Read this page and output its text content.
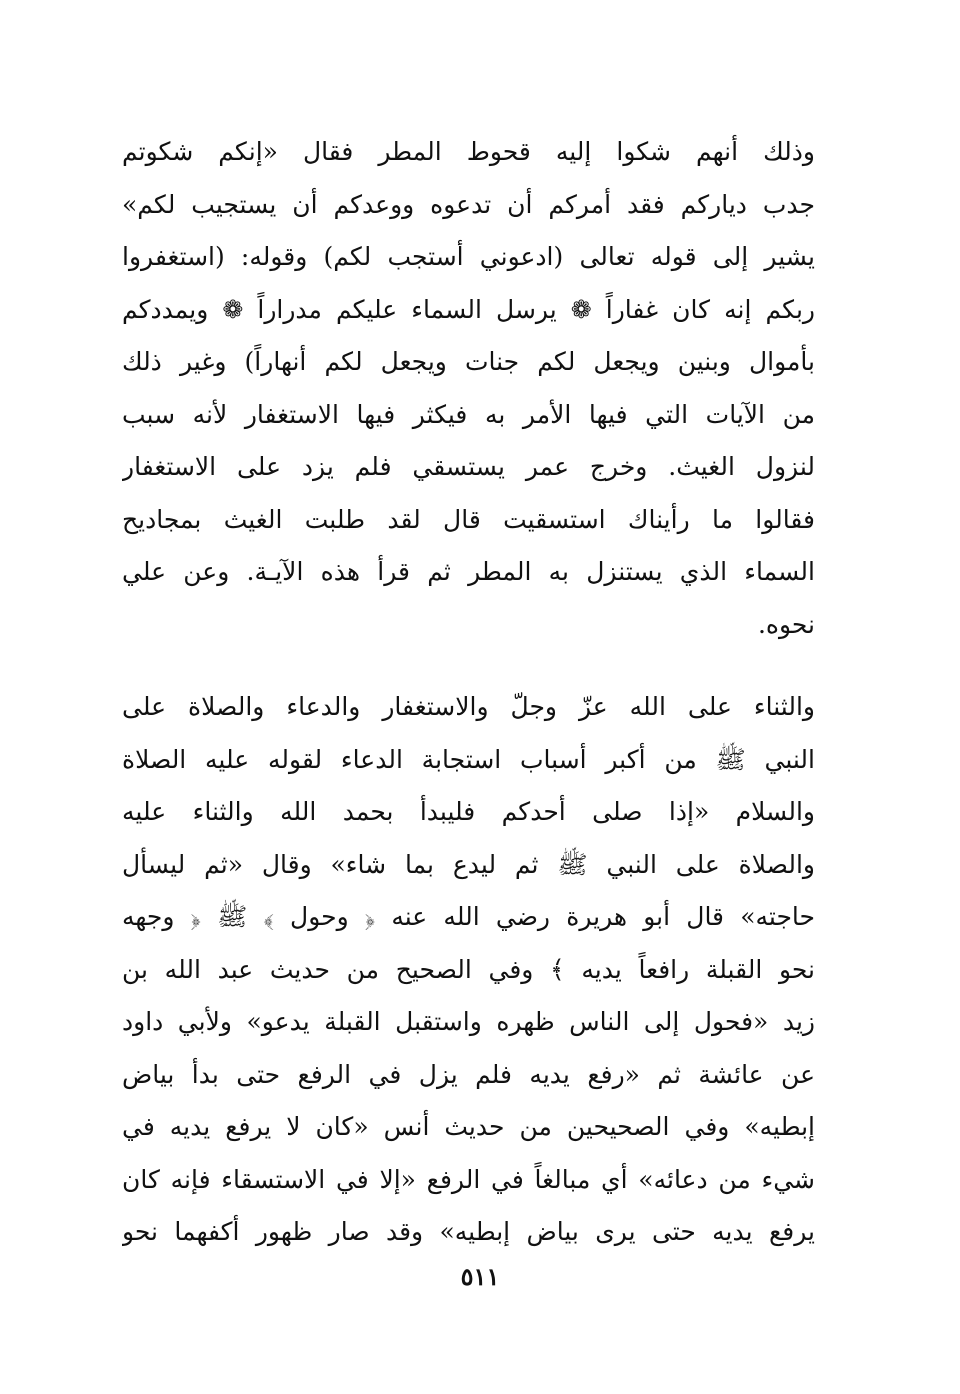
وذلك أنهم شكوا إليه قحوط المطر فقال «إنكم شكوتم
جدب دياركم فقد أمركم أن تدعوه ووعدكم أن يستجيب لكم»
يشير إلى قوله تعالى (ادعوني أستجب لكم) وقوله: (استغفروا
ربكم إنه كان غفاراً ❁ يرسل السماء عليكم مدراراً ❁ ويمددكم
بأموال وبنين ويجعل لكم جنات ويجعل لكم أنهاراً) وغير ذلك
من الآيات التي فيها الأمر به فيكثر فيها الاستغفار لأنه سبب
لنزول الغيث. وخرج عمر يستسقي فلم يزد على الاستغفار
فقالوا ما رأيناك استسقيت قال لقد طلبت الغيث بمجاديح
السماء الذي يستنزل به المطر ثم قرأ هذه الآيـة. وعن علي
نحوه.

والثناء على الله عزّ وجلّ والاستغفار والدعاء والصلاة على
النبي ﷺ من أكبر أسباب استجابة الدعاء لقوله عليه الصلاة
والسلام «إذا صلى أحدكم فليبدأ بحمد الله والثناء عليه
والصلاة على النبي ﷺ ثم ليدع بما شاء» وقال «ثم ليسأل
حاجته» قال أبو هريرة رضي الله عنه ﴿ وحول ﴾ ﷺ ﴿ وجهه
نحو القبلة رافعاً يديه ﴾ وفي الصحيح من حديث عبد الله بن
زيد «فحول إلى الناس ظهره واستقبل القبلة يدعو» ولأبي داود
عن عائشة ثم «رفع يديه فلم يزل في الرفع حتى بدأ بياض
إبطيه» وفي الصحيحين من حديث أنس «كان لا يرفع يديه في
شيء من دعائه» أي مبالغاً في الرفع «إلا في الاستسقاء فإنه كان
يرفع يديه حتى يرى بياض إبطيه» وقد صار ظهور أكفهما نحو

٥١١
